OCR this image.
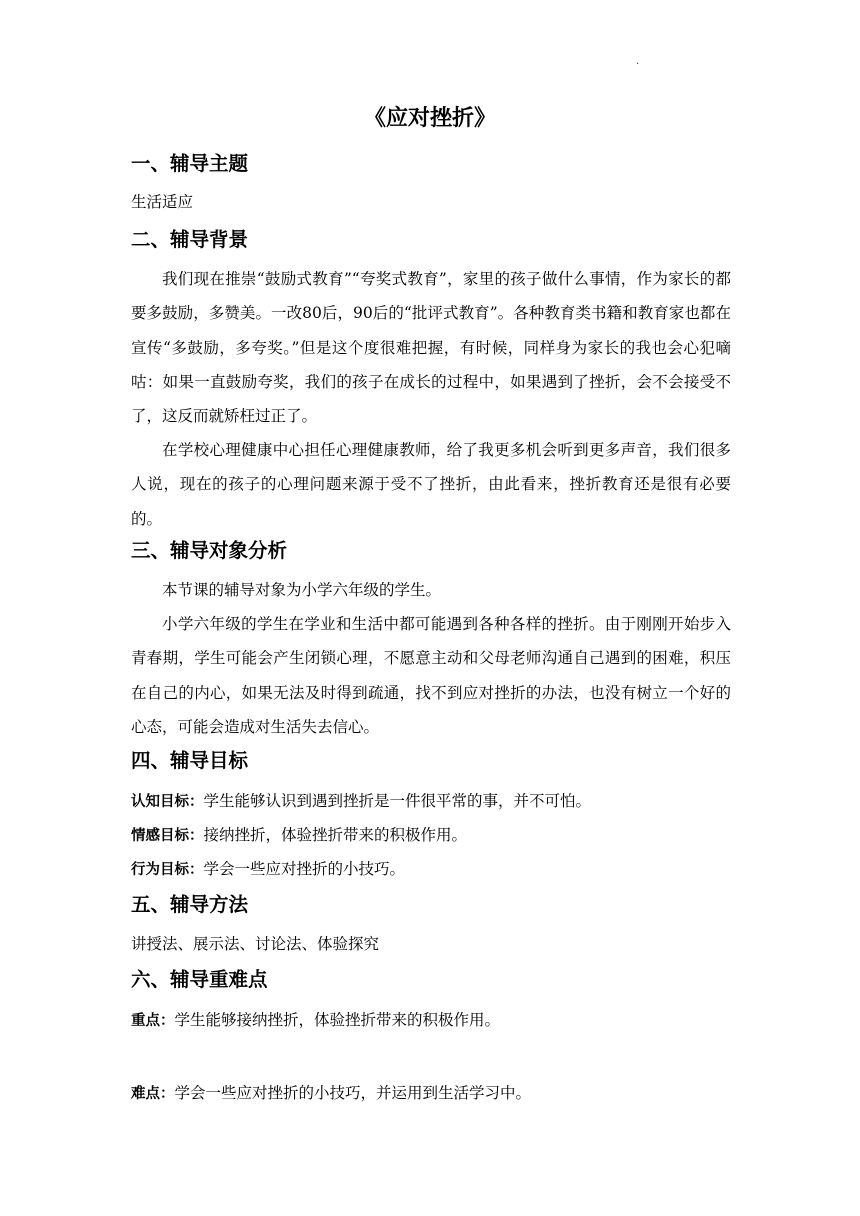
·
《应对挫折》
一、辅导主题
生活适应
二、辅导背景
我们现在推崇“鼓励式教育”“夸奖式教育”，家里的孩子做什么事情，作为家长的都要多鼓励，多赞美。一改80后，90后的“批评式教育”。各种教育类书籍和教育家也都在宣传“多鼓励，多夸奖。”但是这个度很难把握，有时候，同样身为家长的我也会心犯嘀咕：如果一直鼓励夸奖，我们的孩子在成长的过程中，如果遇到了挫折，会不会接受不了，这反而就矫枉过正了。
在学校心理健康中心担任心理健康教师，给了我更多机会听到更多声音，我们很多人说，现在的孩子的心理问题来源于受不了挫折，由此看来，挫折教育还是很有必要的。
三、辅导对象分析
本节课的辅导对象为小学六年级的学生。
小学六年级的学生在学业和生活中都可能遇到各种各样的挫折。由于刚刚开始步入青春期，学生可能会产生闭锁心理，不愿意主动和父母老师沟通自己遇到的困难，积压在自己的内心，如果无法及时得到疏通，找不到应对挫折的办法，也没有树立一个好的心态，可能会造成对生活失去信心。
四、辅导目标
认知目标：学生能够认识到遇到挫折是一件很平常的事，并不可怕。
情感目标：接纳挫折，体验挫折带来的积极作用。
行为目标：学会一些应对挫折的小技巧。
五、辅导方法
讲授法、展示法、讨论法、体验探究
六、辅导重难点
重点：学生能够接纳挫折，体验挫折带来的积极作用。
难点：学会一些应对挫折的小技巧，并运用到生活学习中。
